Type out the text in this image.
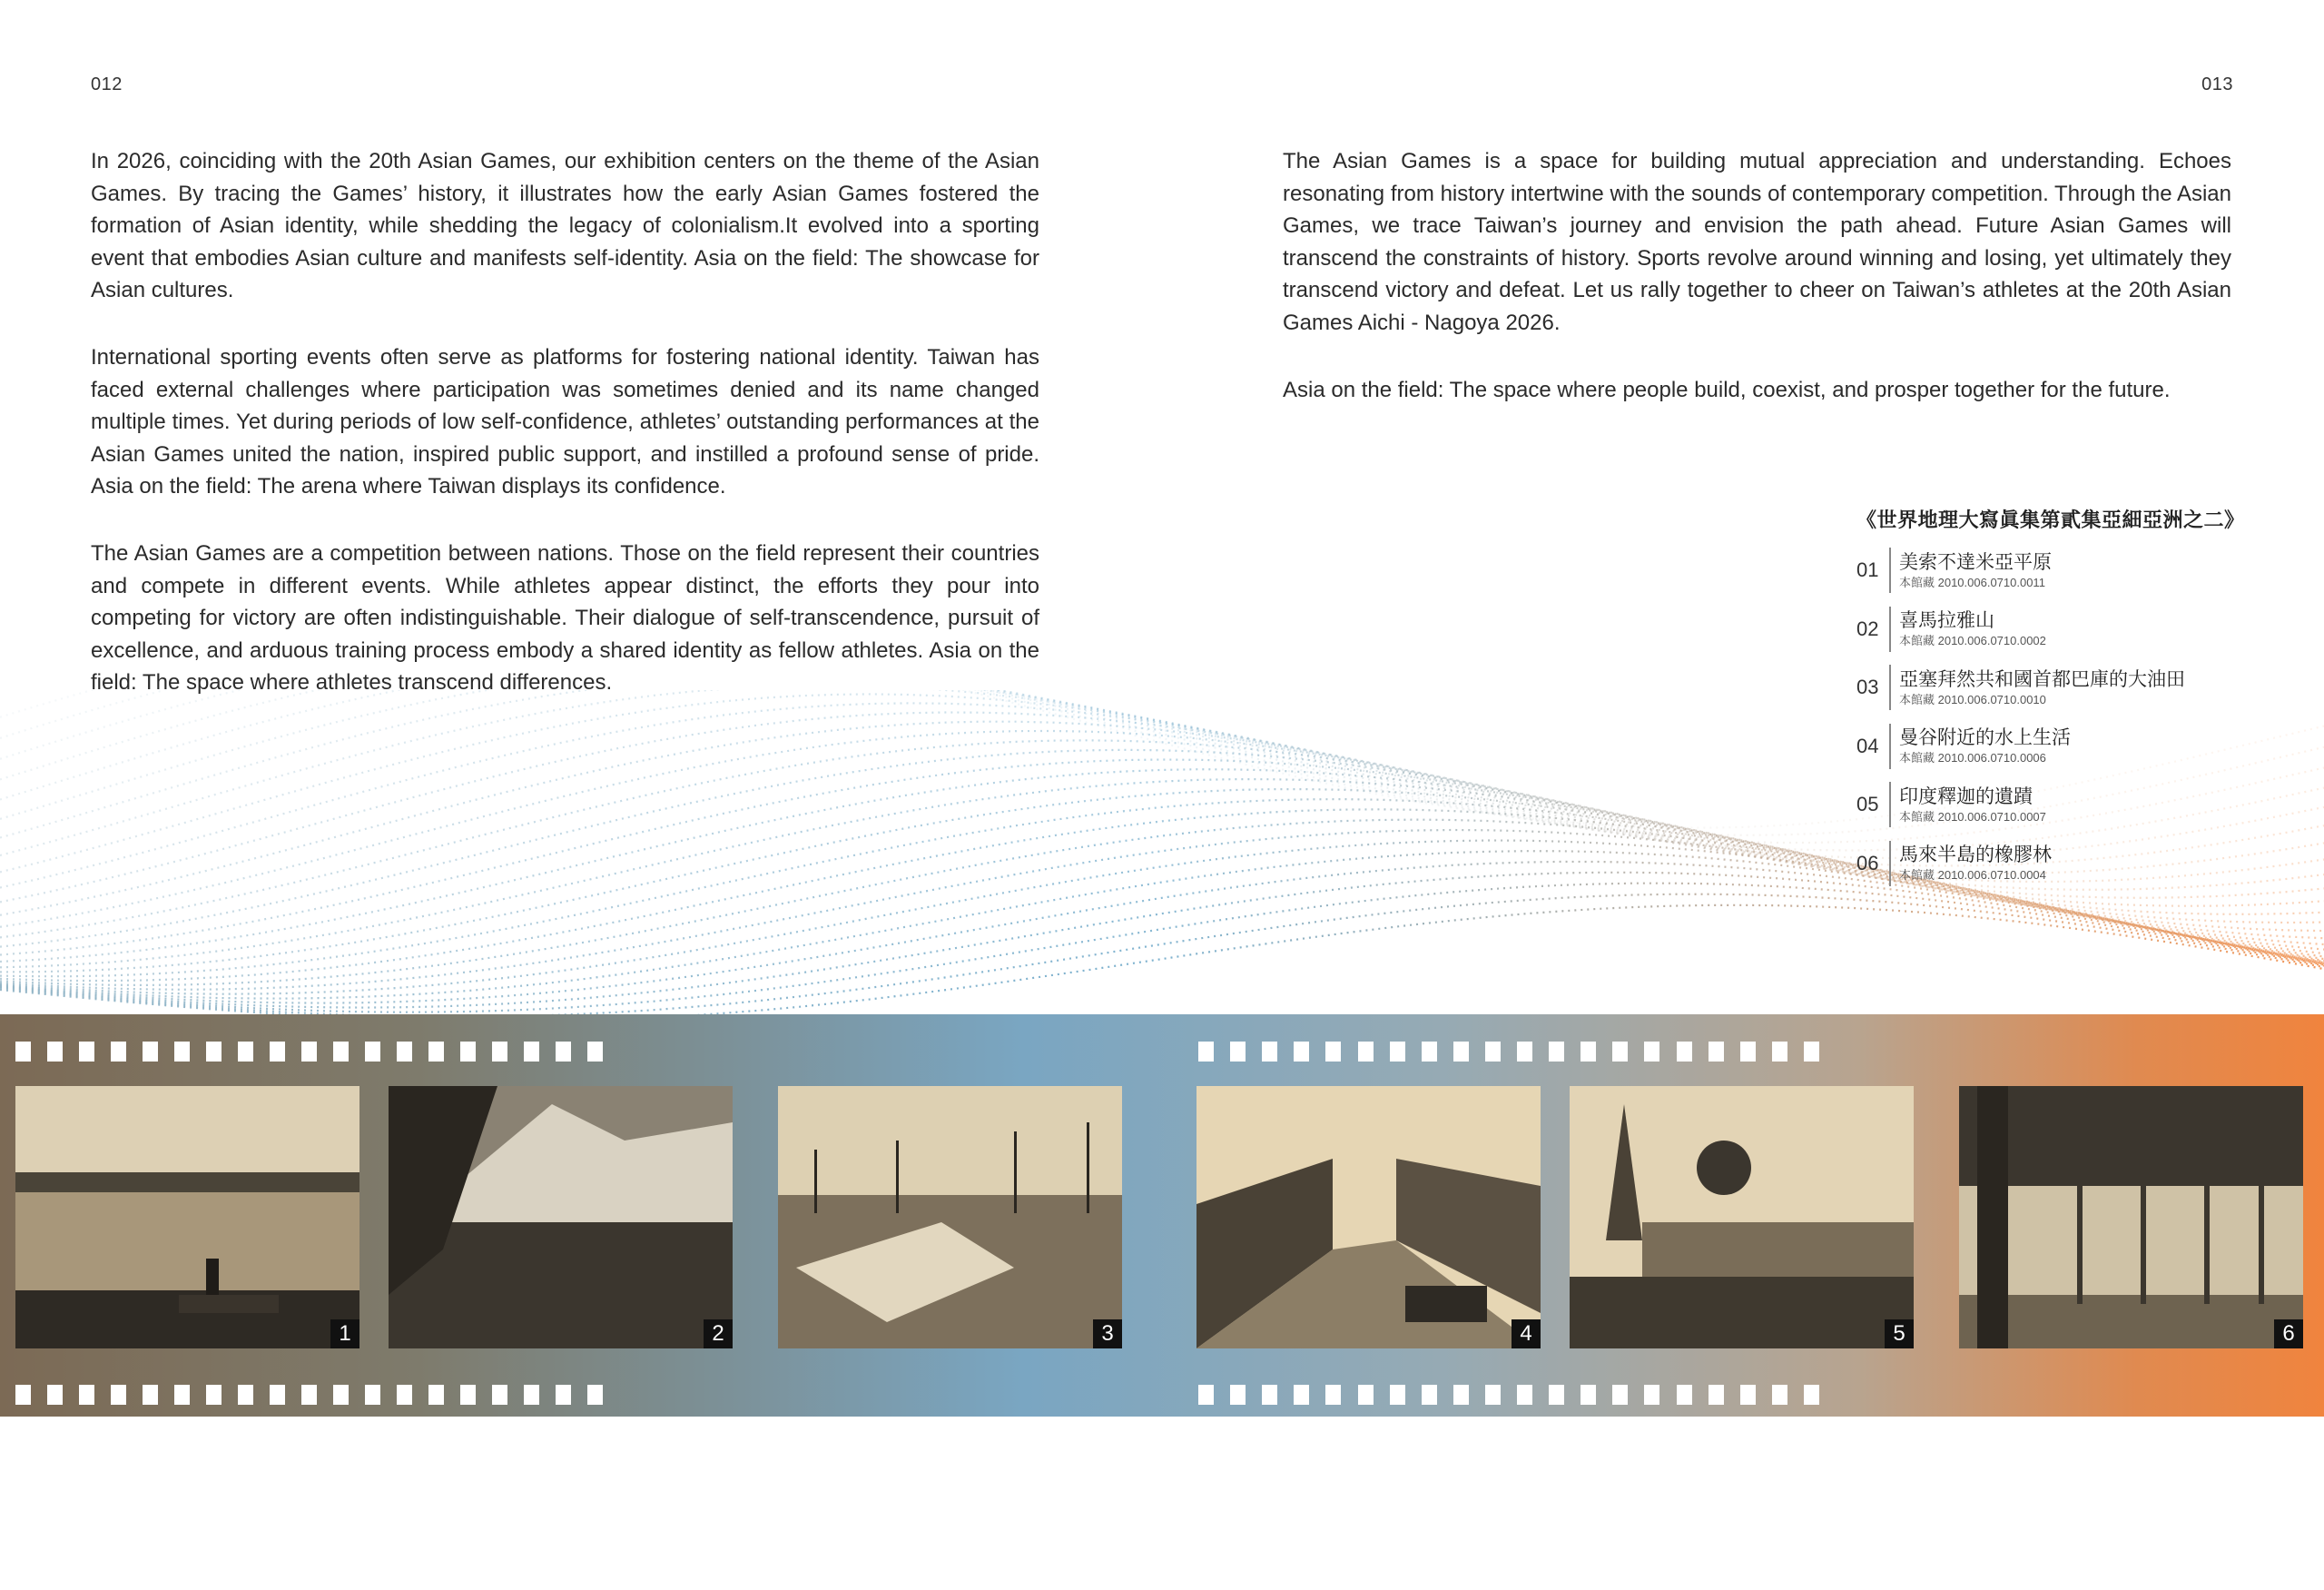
012	013

In 2026, coinciding with the 20th Asian Games, our exhibition centers on the theme of the Asian Games. By tracing the Games’ history, it illustrates how the early Asian Games fostered the formation of Asian identity, while shedding the legacy of colonialism.It evolved into a sporting event that embodies Asian culture and manifests self-identity. Asia on the field: The showcase for Asian cultures.

International sporting events often serve as platforms for fostering national identity. Taiwan has faced external challenges where participation was sometimes denied and its name changed multiple times. Yet during periods of low self-confidence, athletes’ outstanding performances at the Asian Games united the nation, inspired public support, and instilled a profound sense of pride. Asia on the field: The arena where Taiwan displays its confidence.

The Asian Games are a competition between nations. Those on the field represent their countries and compete in different events. While athletes appear distinct, the efforts they pour into competing for victory are often indistinguishable. Their dialogue of self-transcendence, pursuit of excellence, and arduous training process embody a shared identity as fellow athletes. Asia on the field: The space where athletes transcend differences.

The Asian Games is a space for building mutual appreciation and understanding. Echoes resonating from history intertwine with the sounds of contemporary competition. Through the Asian Games, we trace Taiwan’s journey and envision the path ahead. Future Asian Games will transcend the constraints of history. Sports revolve around winning and losing, yet ultimately they transcend victory and defeat. Let us rally together to cheer on Taiwan’s athletes at the 20th Asian Games Aichi - Nagoya 2026.

Asia on the field: The space where people build, coexist, and prosper together for the future.

《世界地理大寫眞集第貳集亞細亞洲之二》
01	美索不達米亞平原
本館藏 2010.006.0710.0011
02	喜馬拉雅山
本館藏 2010.006.0710.0002
03	亞塞拜然共和國首都巴庫的大油田
本館藏 2010.006.0710.0010
04	曼谷附近的水上生活
本館藏 2010.006.0710.0006
05	印度釋迦的遺蹟
本館藏 2010.006.0710.0007
06	馬來半島的橡膠林
本館藏 2010.006.0710.0004
1	2	3	4	5	6
